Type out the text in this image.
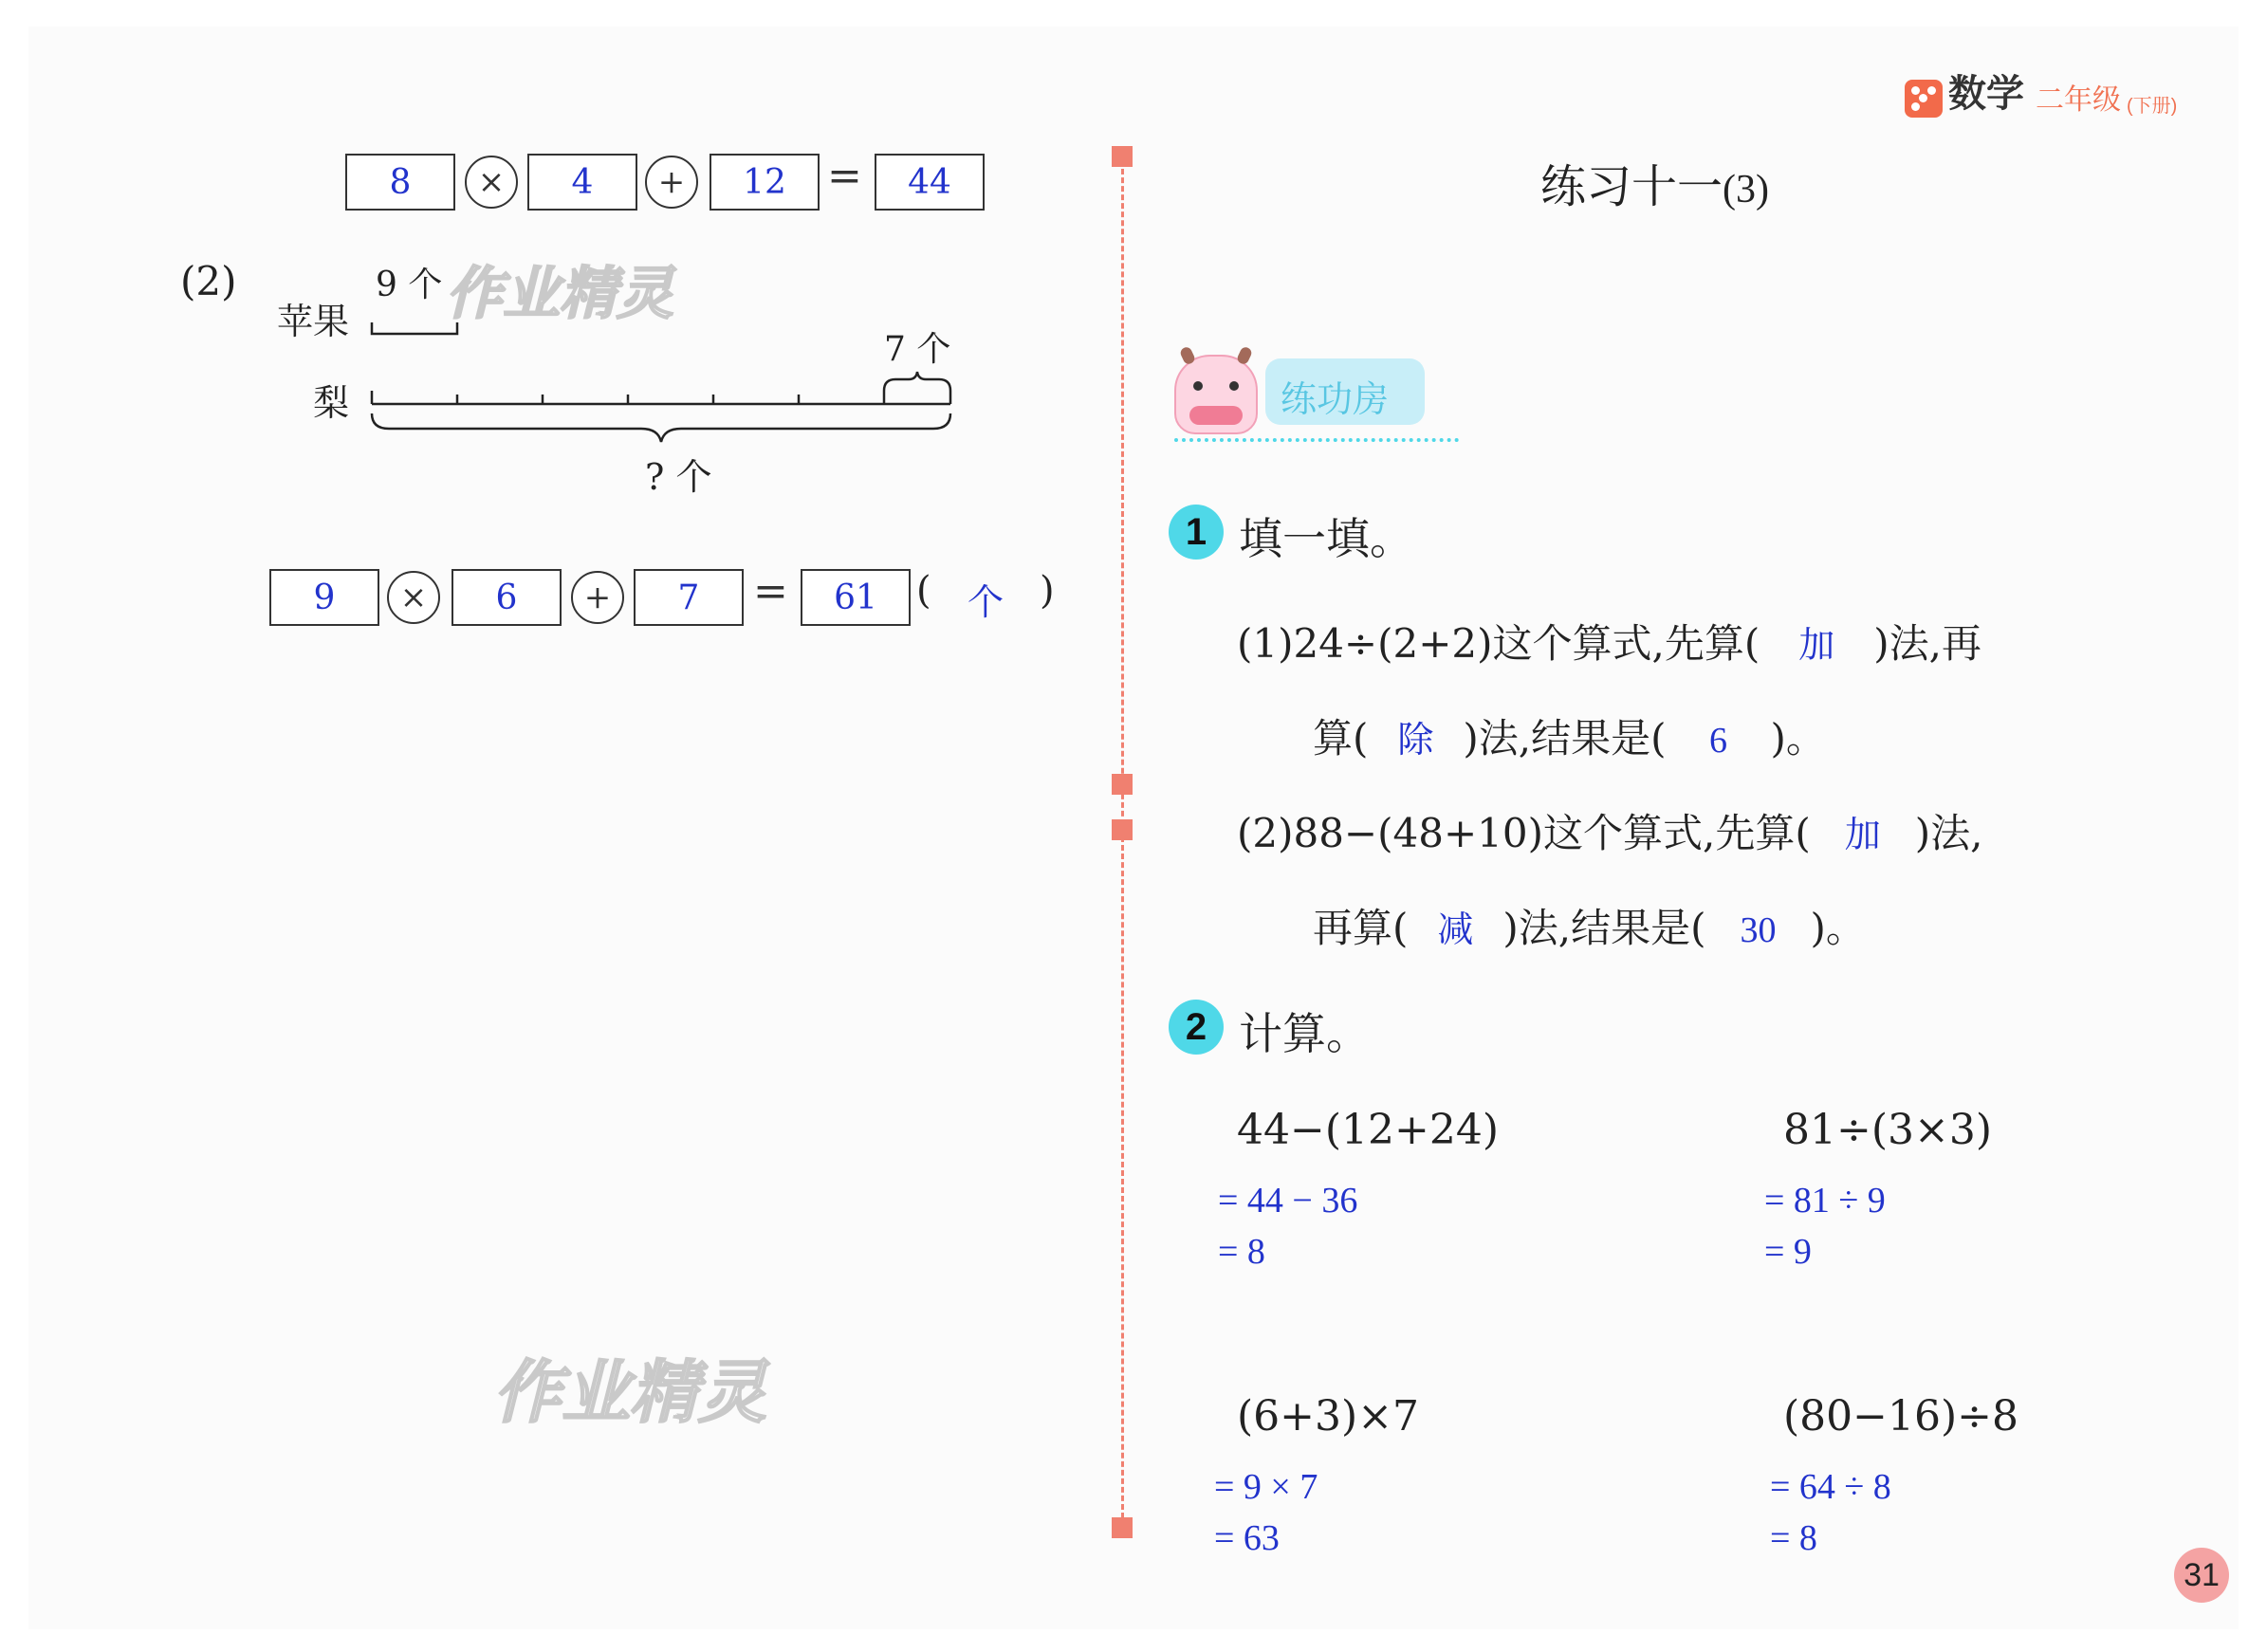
数学 二年级 (下册)
8	×	4	+	12 =	44
(2)
苹果
9 个
梨
7 个
? 个
作业精灵
9	×	6	+	7	=	61	( 个 )
作业精灵
练习十一(3)
练功房
1 填一填。
(1)24÷(2+2)这个算式,先算( 加 )法,再
算( 除 )法,结果是( 6 )。
(2)88−(48+10)这个算式,先算( 加 )法,
再算( 减 )法,结果是( 30 )。
2 计算。
44−(12+24)
= 44 − 36
= 8
81÷(3×3)
= 81 ÷ 9
= 9
(6+3)×7
= 9 × 7
= 63
(80−16)÷8
= 64 ÷ 8
= 8
31
